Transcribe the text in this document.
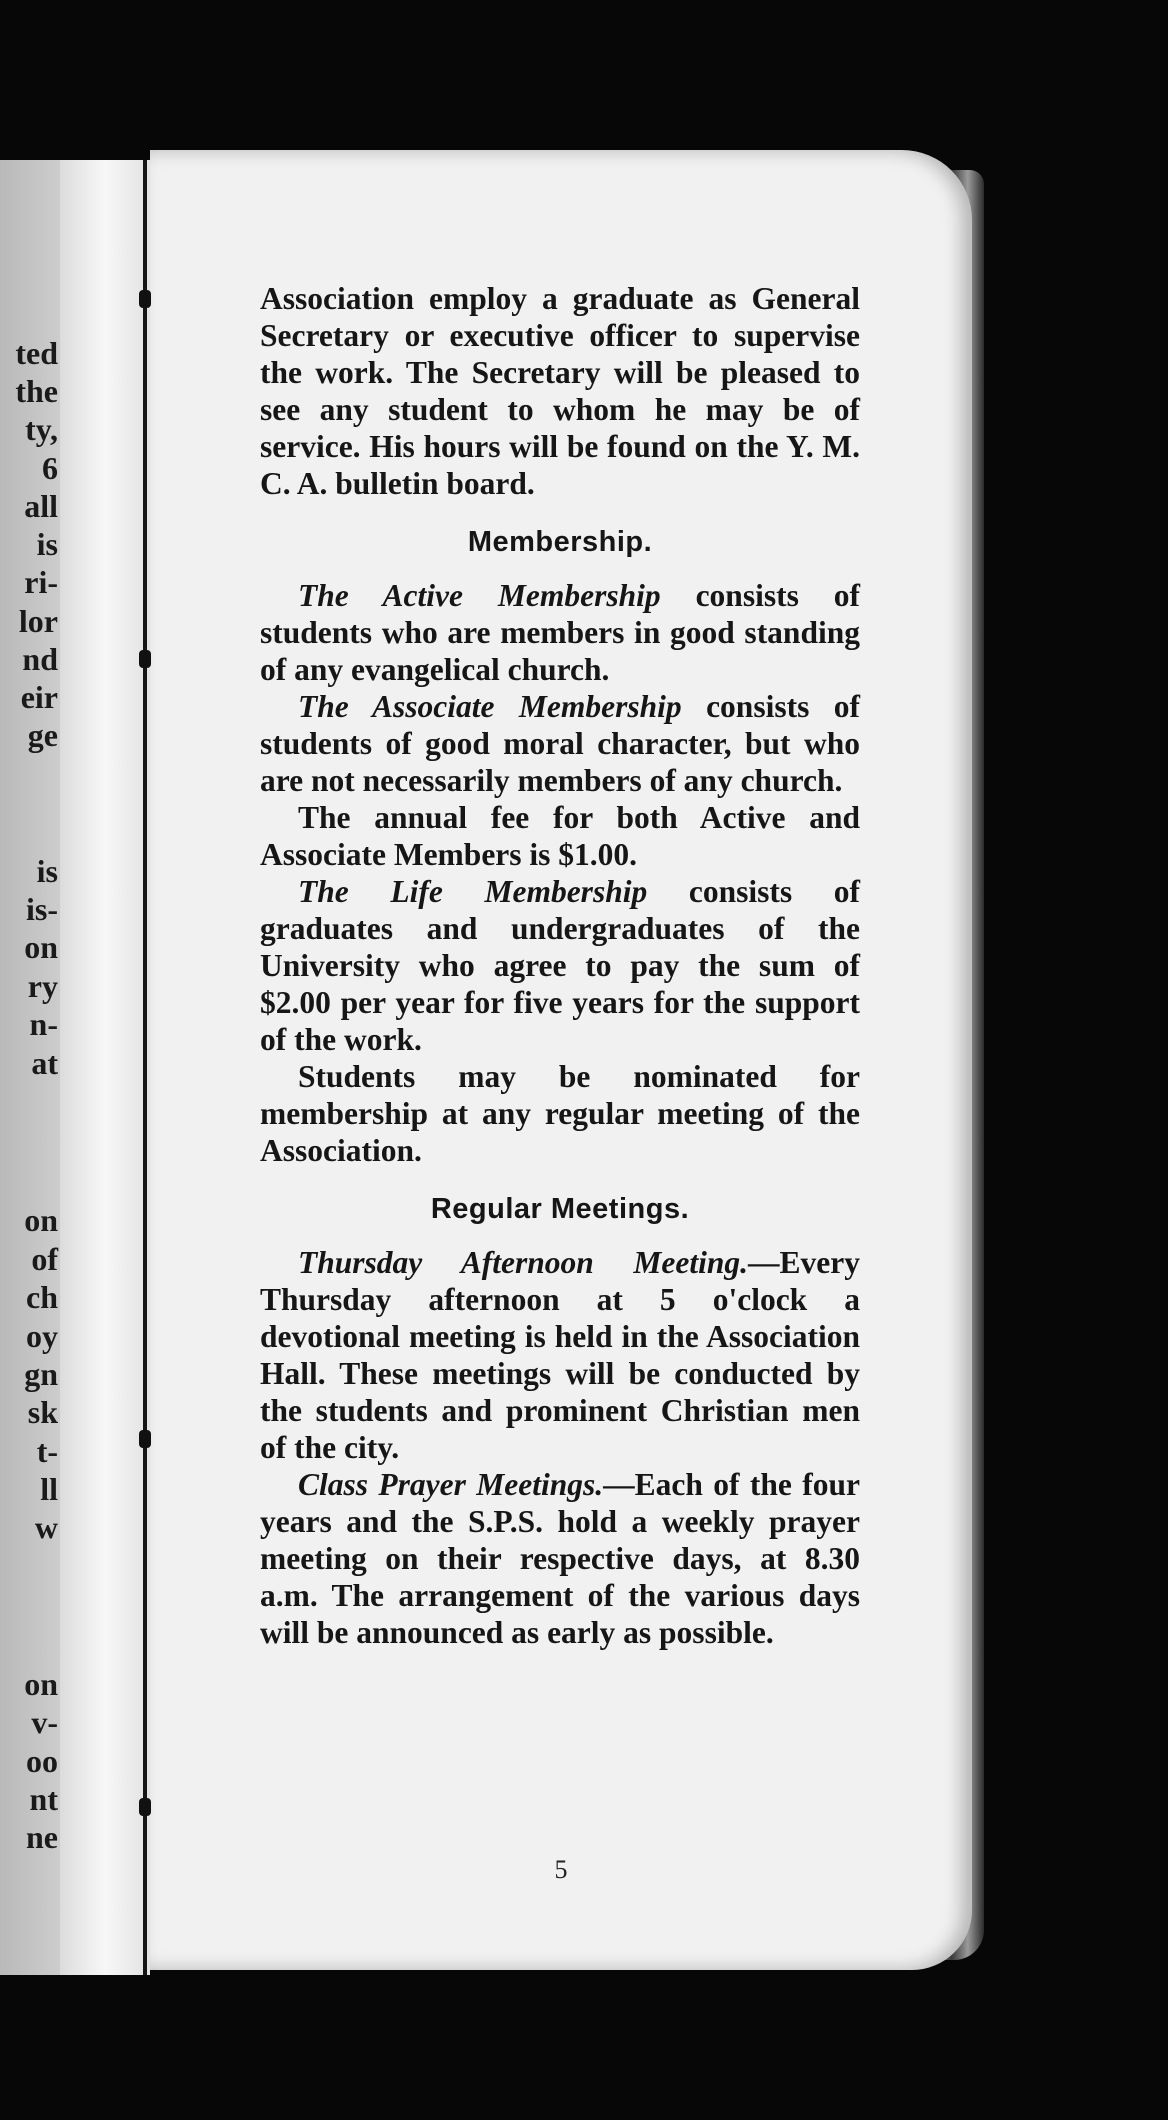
ted
the
ty,
6
all
is
ri-
lor
nd
eir
ge
is
is-
on
ry
n-
at
on
of
ch
oy
gn
sk
t-
ll
w
on
v-
oo
nt
ne

Association employ a graduate as General Secretary or executive officer to supervise the work. The Secretary will be pleased to see any student to whom he may be of service. His hours will be found on the Y. M. C. A. bulletin board.

Membership.

The Active Membership consists of students who are members in good standing of any evangelical church.

The Associate Membership consists of students of good moral character, but who are not necessarily members of any church.

The annual fee for both Active and Associate Members is $1.00.

The Life Membership consists of graduates and undergraduates of the University who agree to pay the sum of $2.00 per year for five years for the support of the work.

Students may be nominated for membership at any regular meeting of the Association.

Regular Meetings.

Thursday Afternoon Meeting.—Every Thursday afternoon at 5 o'clock a devotional meeting is held in the Association Hall. These meetings will be conducted by the students and prominent Christian men of the city.

Class Prayer Meetings.—Each of the four years and the S.P.S. hold a weekly prayer meeting on their respective days, at 8.30 a.m. The arrangement of the various days will be announced as early as possible.

5
